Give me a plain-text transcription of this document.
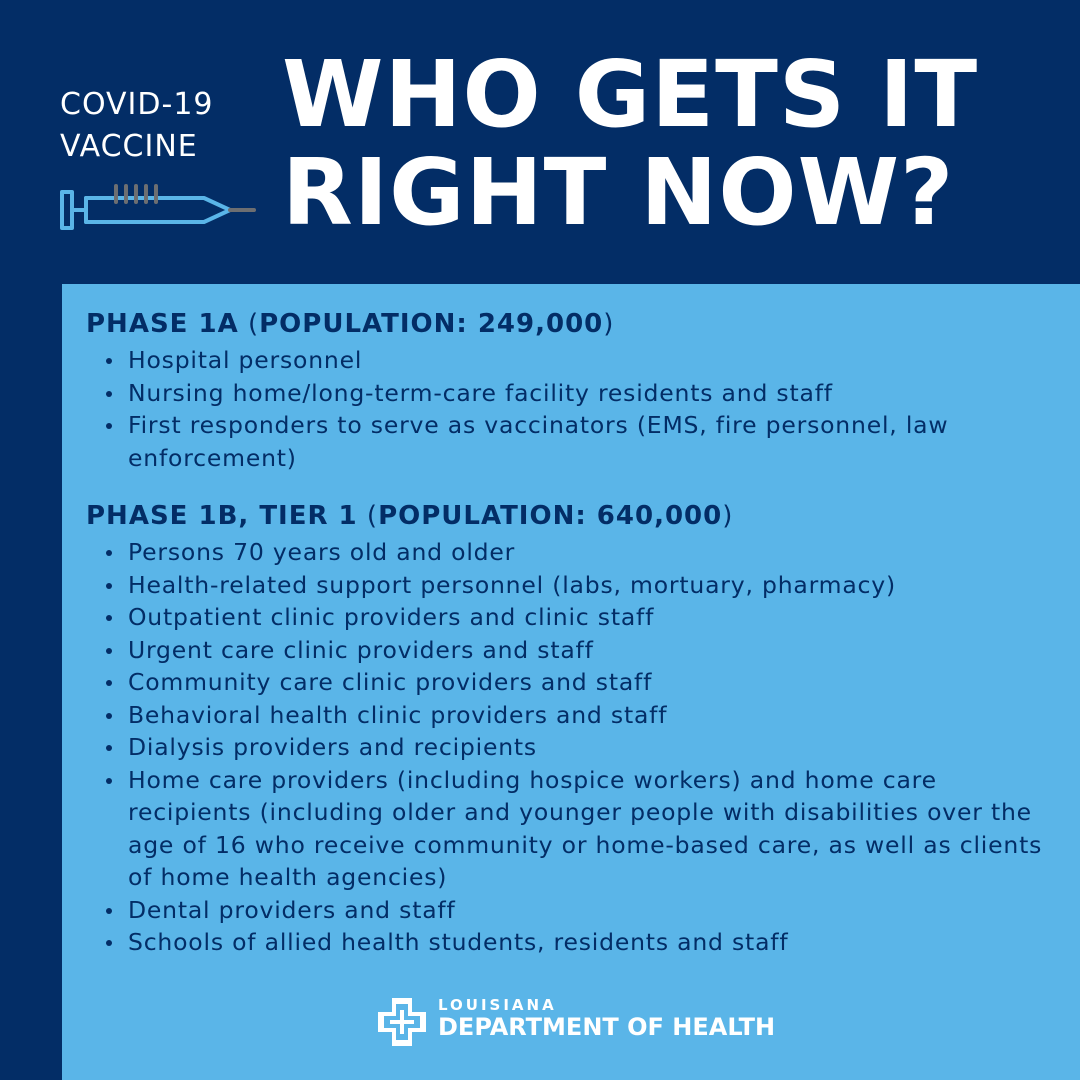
COVID-19
VACCINE WHO GETS IT
RIGHT NOW?
PHASE 1A (POPULATION: 249,000)
Hospital personnel
Nursing home/long-term-care facility residents and staff
First responders to serve as vaccinators (EMS, fire personnel, law enforcement)
PHASE 1B, TIER 1 (POPULATION: 640,000)
Persons 70 years old and older
Health-related support personnel (labs, mortuary, pharmacy)
Outpatient clinic providers and clinic staff
Urgent care clinic providers and staff
Community care clinic providers and staff
Behavioral health clinic providers and staff
Dialysis providers and recipients
Home care providers (including hospice workers) and home care recipients (including older and younger people with disabilities over the age of 16 who receive community or home-based care, as well as clients of home health agencies)
Dental providers and staff
Schools of allied health students, residents and staff
LOUISIANA
DEPARTMENT OF HEALTH
